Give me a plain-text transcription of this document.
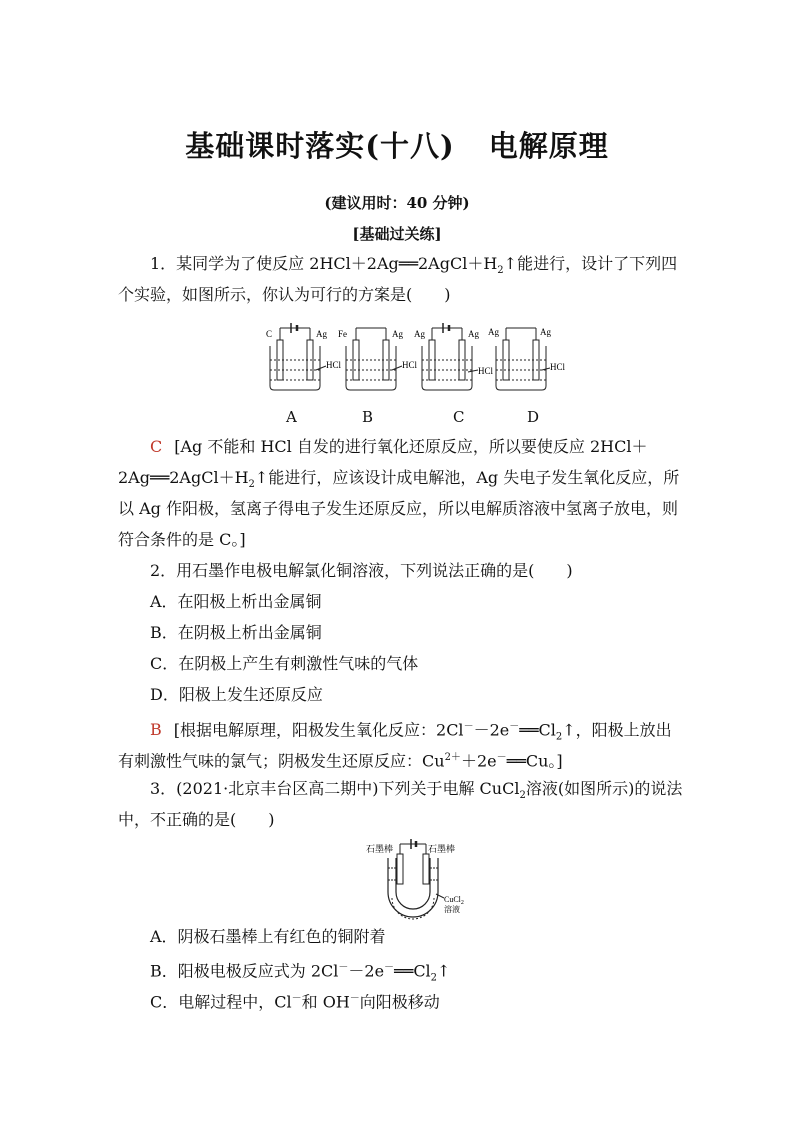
基础课时落实(十八) 电解原理
(建议用时：40 分钟)
[基础过关练]
1．某同学为了使反应 $2HCl+2Ag══2AgCl+H_2↑$能进行，设计了下列四
个实验，如图所示，你认为可行的方案是(　　)
C	Ag
HCl
Fe	Ag
HCl
Ag	Ag
HCl
Ag	Ag
HCl
A	B	C	D
C [Ag 不能和 HCl 自发的进行氧化还原反应，所以要使反应 2HCl＋
$2Ag══2AgCl+H_2↑$能进行，应该设计成电解池，Ag 失电子发生氧化反应，所
以 Ag 作阳极，氢离子得电子发生还原反应，所以电解质溶液中氢离子放电，则
符合条件的是 C。]
2．用石墨作电极电解氯化铜溶液，下列说法正确的是(　　)
A．在阳极上析出金属铜
B．在阴极上析出金属铜
C．在阴极上产生有刺激性气味的气体
D．阳极上发生还原反应
B [根据电解原理，阳极发生氧化反应：$2Cl^--2e^-══Cl_2↑$，阳极上放出
有刺激性气味的氯气；阴极发生还原反应：$Cu^{2+}+2e^-══Cu$。]
3．(2021·北京丰台区高二期中)下列关于电解 CuCl$_2$溶液(如图所示)的说法
中，不正确的是(　　)
石墨棒	石墨棒
CuCl$_2$
溶液
A．阴极石墨棒上有红色的铜附着
B．阳极电极反应式为 $2Cl^--2e^-══Cl_2↑$
C．电解过程中，Cl－和 OH－向阳极移动
